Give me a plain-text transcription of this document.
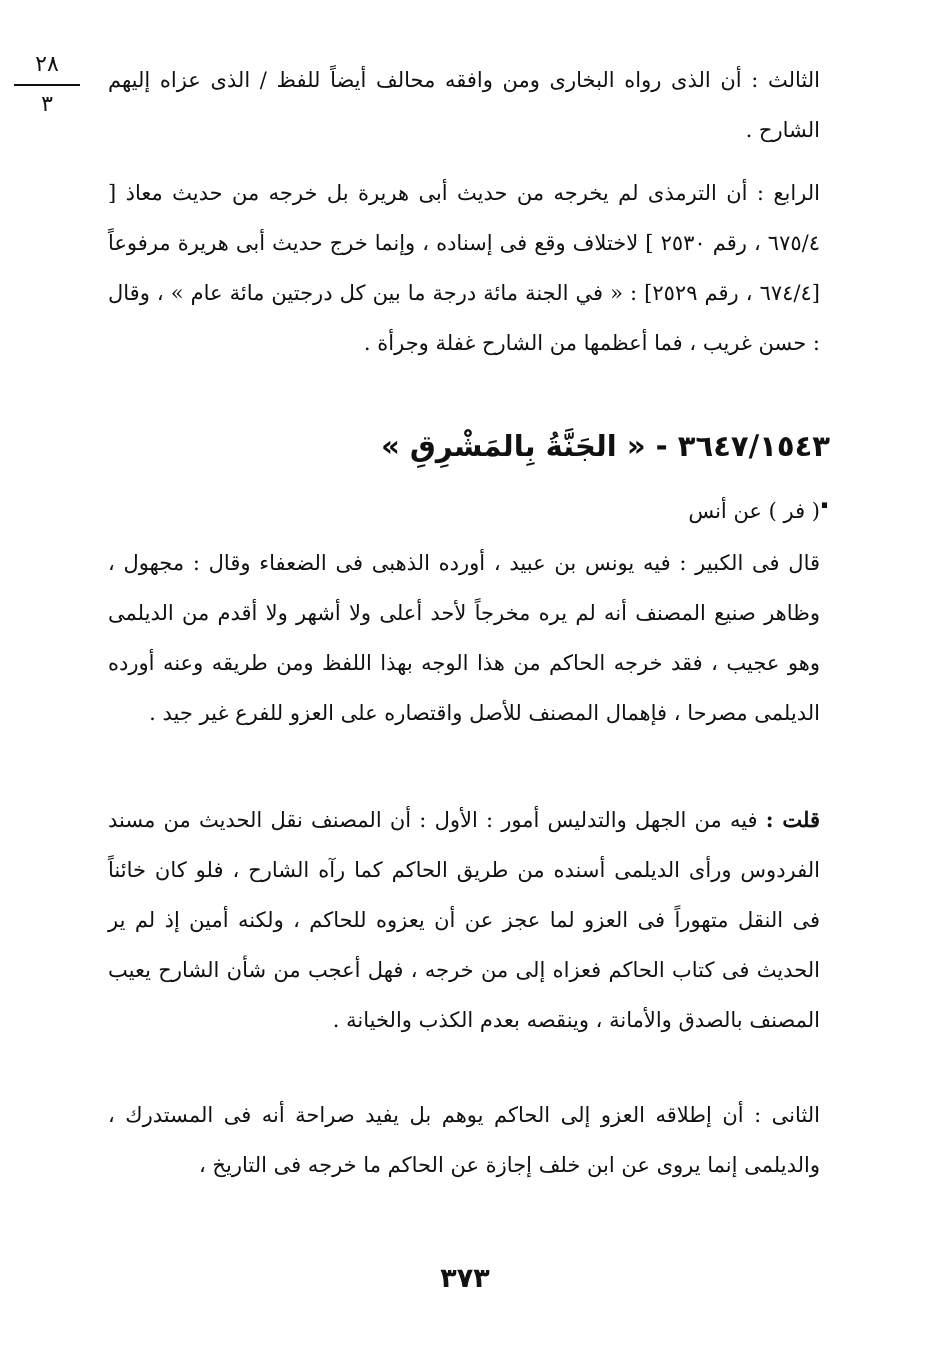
٢٨
٣

الثالث : أن الذى رواه البخارى ومن وافقه محالف أيضاً للفظ / الذى عزاه إليهم الشارح .

الرابع : أن الترمذى لم يخرجه من حديث أبى هريرة بل خرجه من حديث معاذ [ ٦٧٥/٤ ، رقم ٢٥٣٠ ] لاختلاف وقع فى إسناده ، وإنما خرج حديث أبى هريرة مرفوعاً [٦٧٤/٤ ، رقم ٢٥٢٩] : « في الجنة مائة درجة ما بين كل درجتين مائة عام » ، وقال : حسن غريب ، فما أعظمها من الشارح غفلة وجرأة .

٣٦٤٧/١٥٤٣ - « الجَنَّةُ بِالمَشْرِقِ » .

( فر ) عن أنس

قال فى الكبير : فيه يونس بن عبيد ، أورده الذهبى فى الضعفاء وقال : مجهول ، وظاهر صنيع المصنف أنه لم يره مخرجاً لأحد أعلى ولا أشهر ولا أقدم من الديلمى وهو عجيب ، فقد خرجه الحاكم من هذا الوجه بهذا اللفظ ومن طريقه وعنه أورده الديلمى مصرحا ، فإهمال المصنف للأصل واقتصاره على العزو للفرع غير جيد .

قلت : فيه من الجهل والتدليس أمور : الأول : أن المصنف نقل الحديث من مسند الفردوس ورأى الديلمى أسنده من طريق الحاكم كما رآه الشارح ، فلو كان خائناً فى النقل متهوراً فى العزو لما عجز عن أن يعزوه للحاكم ، ولكنه أمين إذ لم ير الحديث فى كتاب الحاكم فعزاه إلى من خرجه ، فهل أعجب من شأن الشارح يعيب المصنف بالصدق والأمانة ، وينقصه بعدم الكذب والخيانة .

الثانى : أن إطلاقه العزو إلى الحاكم يوهم بل يفيد صراحة أنه فى المستدرك ، والديلمى إنما يروى عن ابن خلف إجازة عن الحاكم ما خرجه فى التاريخ ،

٣٧٣
